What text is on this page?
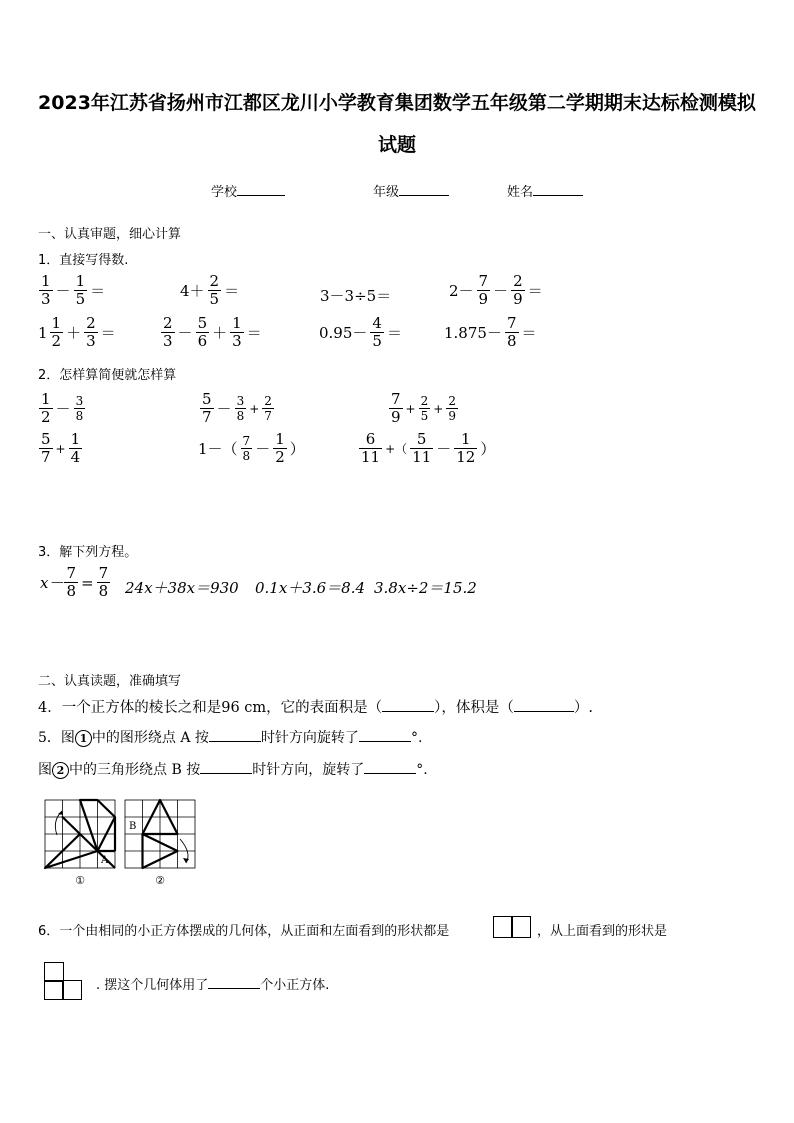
2023年江苏省扬州市江都区龙川小学教育集团数学五年级第二学期期末达标检测模拟
试题
学校	年级	姓名
一、认真审题，细心计算
1．直接写得数.
$\frac{1}{3} - \frac{1}{5}$ ＝	$4+ \frac{2}{5}$ ＝	3－3÷5＝	$2- \frac{7}{9} - \frac{2}{9}$ ＝
$1 \frac{1}{2} + \frac{2}{3}$ ＝	$\frac{2}{3} - \frac{5}{6} + \frac{1}{3}$ ＝	$0.95- \frac{4}{5}$ ＝	$1.875- \frac{7}{8}$ ＝
2．怎样算简便就怎样算
$\frac{1}{2} - \frac{3}{8}$	$\frac{5}{7} - \frac{3}{8} + \frac{2}{7}$	$\frac{7}{9} + \frac{2}{5} + \frac{2}{9}$
$\frac{5}{7} + \frac{1}{4}$	$1-( \frac{7}{8} - \frac{1}{2}$ ）	$\frac{6}{11}$ +（ $\frac{5}{11} - \frac{1}{12}$ ）
3．解下列方程。
$x- \frac{7}{8} = \frac{7}{8} 24x+38x=930$ 0.1x＋3.6＝8.4 3.8x÷2＝15.2
二、认真读题，准确填写
4．一个正方体的棱长之和是96 cm，它的表面积是（	），体积是（	）.
5．图 1 中的图形绕点 A 按	时针方向旋转了	°.
图 2 中的三角形绕点 B 按	时针方向，旋转了	°.
A
①
B
②
6．一个由相同的小正方体摆成的几何体，从正面和左面看到的形状都是	，从上面看到的形状是
. 摆这个几何体用了	个小正方体.
